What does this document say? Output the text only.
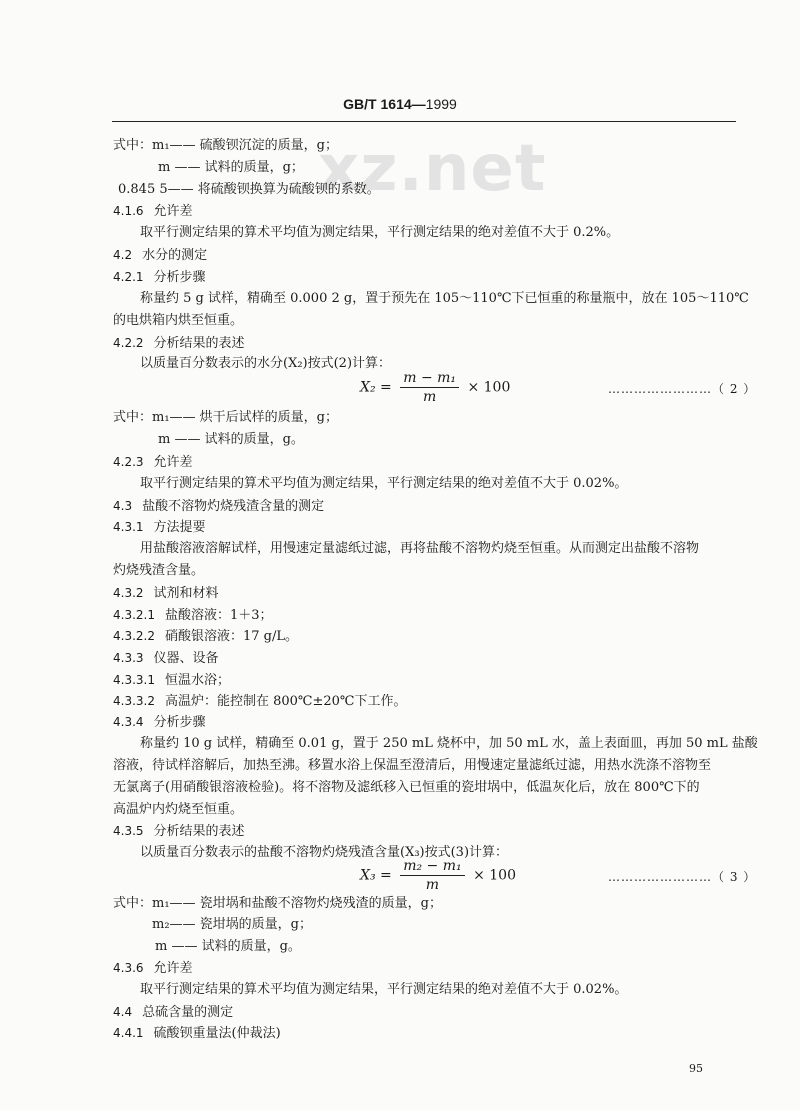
xz.net
GB/T 1614—1999
式中：m₁—— 硫酸钡沉淀的质量，g；
m —— 试料的质量，g；
0.845 5—— 将硫酸钡换算为硫酸钡的系数。
4.1.6 允许差
取平行测定结果的算术平均值为测定结果，平行测定结果的绝对差值不大于 0.2%。
4.2 水分的测定
4.2.1 分析步骤
称量约 5 g 试样，精确至 0.000 2 g，置于预先在 105～110℃下已恒重的称量瓶中，放在 105～110℃
的电烘箱内烘至恒重。
4.2.2 分析结果的表述
以质量百分数表示的水分(X₂)按式(2)计算：
$X_2 = \frac{\text{m − m₁}}{m} \times 100$	……………………（ 2 ）
式中：m₁—— 烘干后试样的质量，g；
m —— 试料的质量，g。
4.2.3 允许差
取平行测定结果的算术平均值为测定结果，平行测定结果的绝对差值不大于 0.02%。
4.3 盐酸不溶物灼烧残渣含量的测定
4.3.1 方法提要
用盐酸溶液溶解试样，用慢速定量滤纸过滤，再将盐酸不溶物灼烧至恒重。从而测定出盐酸不溶物
灼烧残渣含量。
4.3.2 试剂和材料
4.3.2.1 盐酸溶液：1＋3；
4.3.2.2 硝酸银溶液：17 g/L。
4.3.3 仪器、设备
4.3.3.1 恒温水浴；
4.3.3.2 高温炉：能控制在 800℃±20℃下工作。
4.3.4 分析步骤
称量约 10 g 试样，精确至 0.01 g，置于 250 mL 烧杯中，加 50 mL 水，盖上表面皿，再加 50 mL 盐酸
溶液，待试样溶解后，加热至沸。移置水浴上保温至澄清后，用慢速定量滤纸过滤，用热水洗涤不溶物至
无氯离子(用硝酸银溶液检验)。将不溶物及滤纸移入已恒重的瓷坩埚中，低温灰化后，放在 800℃下的
高温炉内灼烧至恒重。
4.3.5 分析结果的表述
以质量百分数表示的盐酸不溶物灼烧残渣含量(X₃)按式(3)计算：
$X_3 = \frac{\text{m₂ − m₁}}{m} \times 100$	……………………（ 3 ）
式中：m₁—— 瓷坩埚和盐酸不溶物灼烧残渣的质量，g；
m₂—— 瓷坩埚的质量，g；
m —— 试料的质量，g。
4.3.6 允许差
取平行测定结果的算术平均值为测定结果，平行测定结果的绝对差值不大于 0.02%。
4.4 总硫含量的测定
4.4.1 硫酸钡重量法(仲裁法)
95
